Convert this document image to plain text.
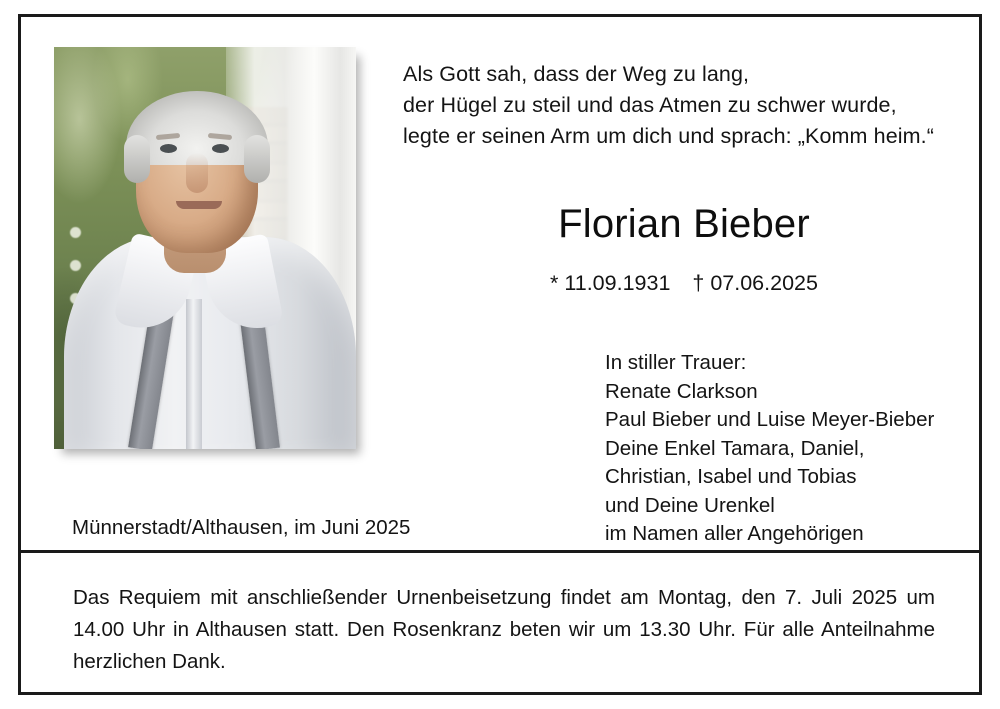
Als Gott sah, dass der Weg zu lang,
der Hügel zu steil und das Atmen zu schwer wurde,
legte er seinen Arm um dich und sprach: „Komm heim.“
Florian Bieber
* 11.09.1931 † 07.06.2025
In stiller Trauer:
Renate Clarkson
Paul Bieber und Luise Meyer-Bieber
Deine Enkel Tamara, Daniel,
Christian, Isabel und Tobias
und Deine Urenkel
im Namen aller Angehörigen
Münnerstadt/Althausen, im Juni 2025
Das Requiem mit anschließender Urnenbeisetzung findet am Montag, den 7. Juli 2025 um 14.00 Uhr in Althausen statt. Den Rosenkranz beten wir um 13.30 Uhr. Für alle Anteilnahme herzlichen Dank.
